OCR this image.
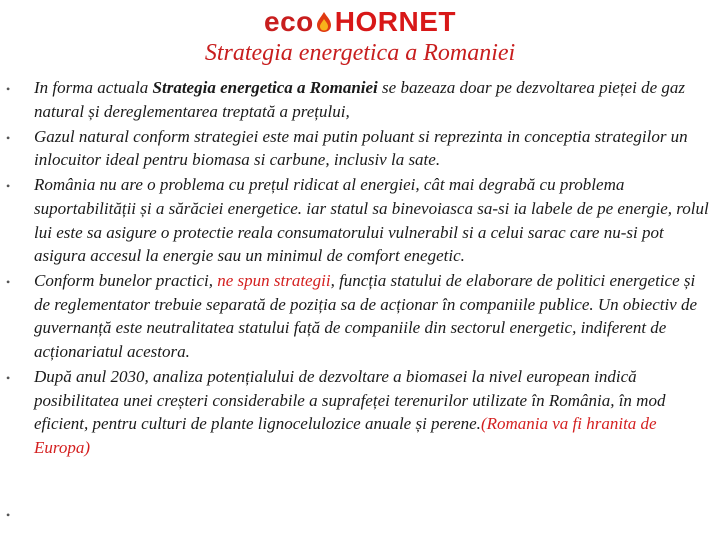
eco HORNET
Strategia energetica a Romaniei
• In forma actuala Strategia energetica a Romaniei se bazeaza doar pe dezvoltarea pieței de gaz natural și dereglementarea treptată a prețului,
• Gazul natural conform strategiei este mai putin poluant si reprezinta in conceptia strategilor un inlocuitor ideal pentru biomasa si carbune, inclusiv la sate.
• România nu are o problema cu prețul ridicat al energiei, cât mai degrabă cu problema suportabilității și a sărăciei energetice. iar statul sa binevoiasca sa-si ia labele de pe energie, rolul lui este sa asigure o protectie reala consumatorului vulnerabil si a celui sarac care nu-si pot asigura accesul la energie sau un minimul de comfort enegetic.
• Conform bunelor practici, ne spun strategii, funcția statului de elaborare de politici energetice și de reglementator trebuie separată de poziția sa de acționar în companiile publice. Un obiectiv de guvernanță este neutralitatea statului față de companiile din sectorul energetic, indiferent de acționariatul acestora.
• După anul 2030, analiza potențialului de dezvoltare a biomasei la nivel european indică posibilitatea unei creșteri considerabile a suprafeței terenurilor utilizate în România, în mod eficient, pentru culturi de plante lignocelulozice anuale și perene.(Romania va fi hranita de Europa)
•
